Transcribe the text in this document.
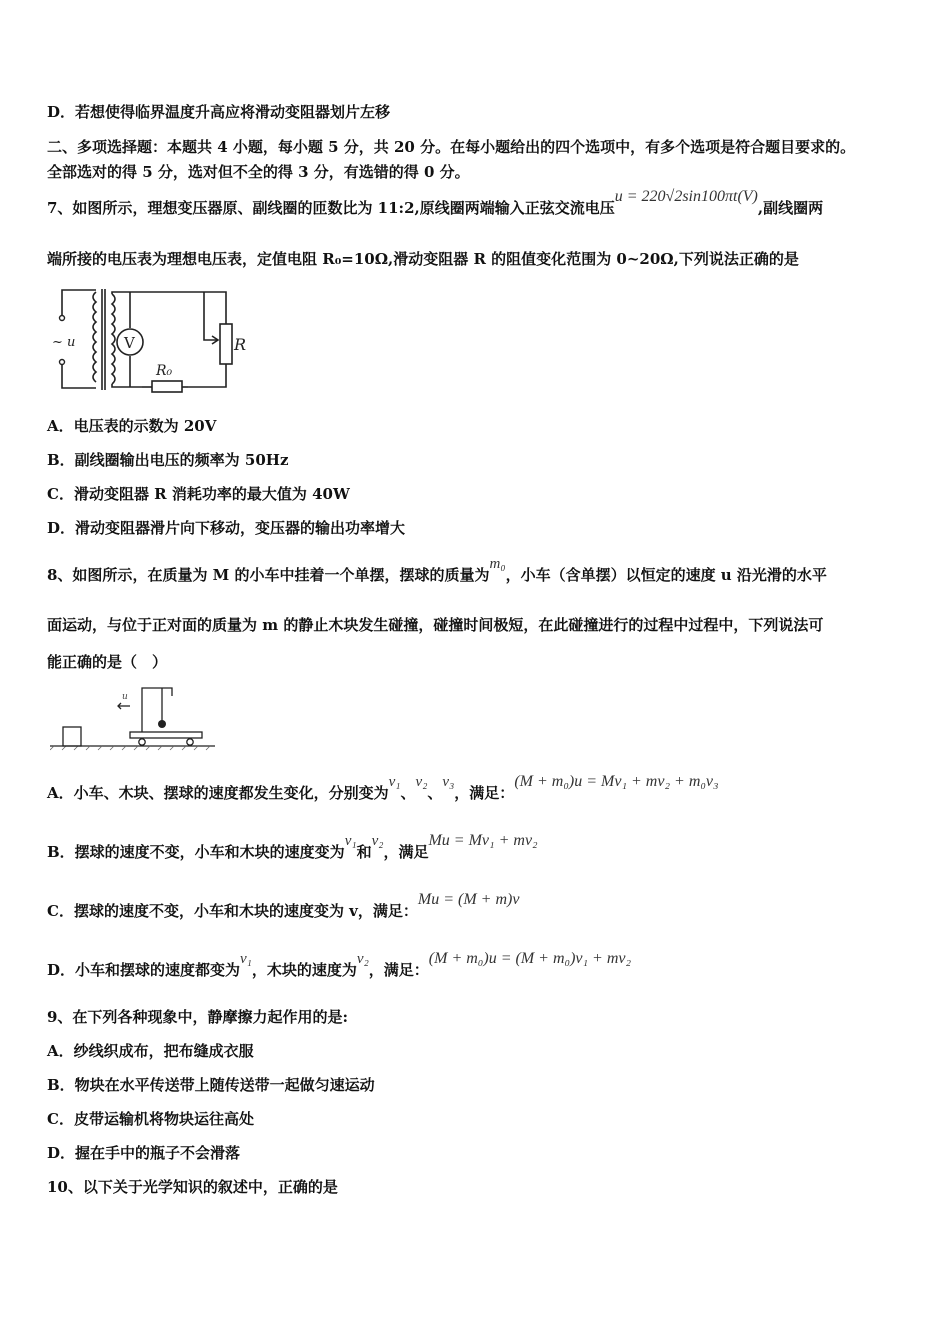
D．若想使得临界温度升高应将滑动变阻器划片左移
二、多项选择题：本题共 4 小题，每小题 5 分，共 20 分。在每小题给出的四个选项中，有多个选项是符合题目要求的。
全部选对的得 5 分，选对但不全的得 3 分，有选错的得 0 分。
7、如图所示，理想变压器原、副线圈的匝数比为 11:2,原线圈两端输入正弦交流电压u = 220√2sin100πt(V),副线圈两
端所接的电压表为理想电压表，定值电阻 R₀=10Ω,滑动变阻器 R 的阻值变化范围为 0~20Ω,下列说法正确的是
~ u	V
R₀
R
A．电压表的示数为 20V
B．副线圈输出电压的频率为 50Hz
C．滑动变阻器 R 消耗功率的最大值为 40W
D．滑动变阻器滑片向下移动，变压器的输出功率增大
8、如图所示，在质量为 M 的小车中挂着一个单摆，摆球的质量为m₀，小车（含单摆）以恒定的速度 u 沿光滑的水平
面运动，与位于正对面的质量为 m 的静止木块发生碰撞，碰撞时间极短，在此碰撞进行的过程中过程中，下列说法可
能正确的是（　）
u
A．小车、木块、摆球的速度都发生变化，分别变为v₁、v₂、v₃，满足：(M + m₀)u = Mv₁ + mv₂ + m₀v₃
B．摆球的速度不变，小车和木块的速度变为v₁和v₂，满足Mu = Mv₁ + mv₂
C．摆球的速度不变，小车和木块的速度变为 v，满足：Mu = (M + m)v
D．小车和摆球的速度都变为v₁，木块的速度为v₂，满足：(M + m₀)u = (M + m₀)v₁ + mv₂
9、在下列各种现象中，静摩擦力起作用的是:
A．纱线织成布，把布缝成衣服
B．物块在水平传送带上随传送带一起做匀速运动
C．皮带运输机将物块运往高处
D．握在手中的瓶子不会滑落
10、以下关于光学知识的叙述中，正确的是
